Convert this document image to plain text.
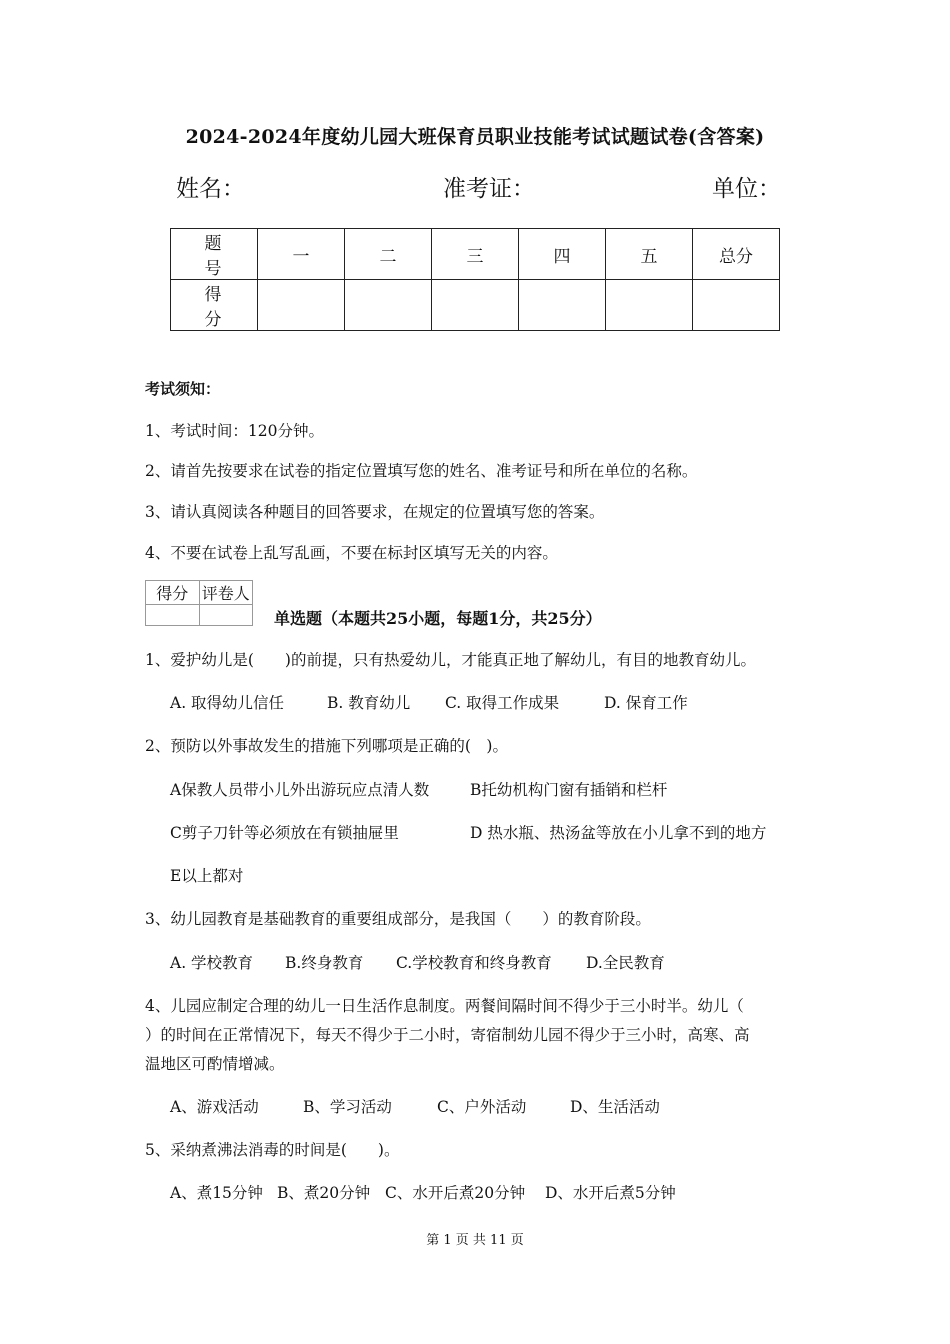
2024-2024年度幼儿园大班保育员职业技能考试试题试卷(含答案)
姓名：	准考证：	单位：
题　号	一	二	三	四	五	总分
得　分						
考试须知：
1、考试时间：120分钟。
2、请首先按要求在试卷的指定位置填写您的姓名、准考证号和所在单位的名称。
3、请认真阅读各种题目的回答要求，在规定的位置填写您的答案。
4、不要在试卷上乱写乱画，不要在标封区填写无关的内容。
得分	评卷人

单选题（本题共25小题，每题1分，共25分）
1、爱护幼儿是(　　)的前提，只有热爱幼儿，才能真正地了解幼儿，有目的地教育幼儿。
A. 取得幼儿信任	B. 教育幼儿 C. 取得工作成果	D. 保育工作
2、预防以外事故发生的措施下列哪项是正确的(　)。
A保教人员带小儿外出游玩应点清人数	B托幼机构门窗有插销和栏杆
C剪子刀针等必须放在有锁抽屉里	D 热水瓶、热汤盆等放在小儿拿不到的地方
E以上都对
3、幼儿园教育是基础教育的重要组成部分，是我国（　　）的教育阶段。
A. 学校教育 B.终身教育 C.学校教育和终身教育 D.全民教育
4、儿园应制定合理的幼儿一日生活作息制度。两餐间隔时间不得少于三小时半。幼儿（
）的时间在正常情况下，每天不得少于二小时，寄宿制幼儿园不得少于三小时，高寒、高
温地区可酌情增减。
A、游戏活动	B、学习活动	C、户外活动	D、生活活动
5、采纳煮沸法消毒的时间是(　　)。
A、煮15分钟 B、煮20分钟 C、水开后煮20分钟 D、水开后煮5分钟
第 1 页 共 11 页
